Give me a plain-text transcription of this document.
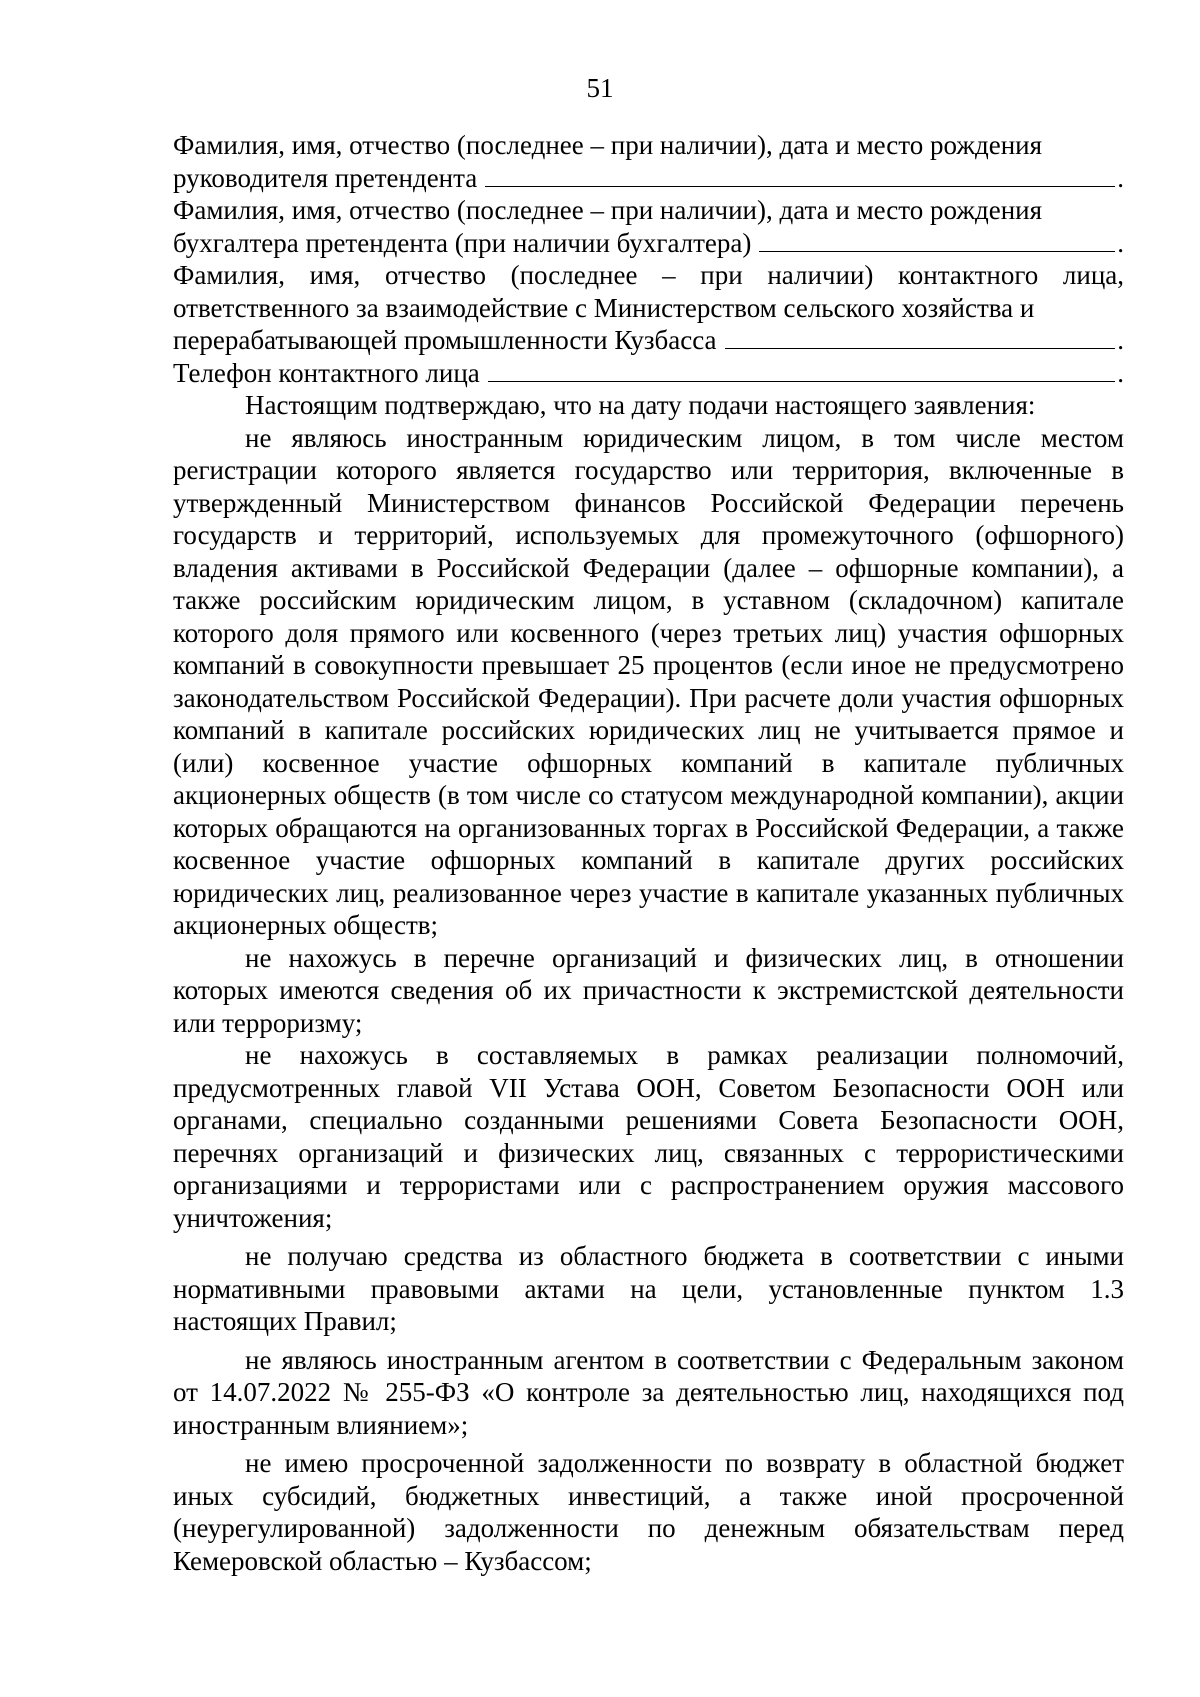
51

Фамилия, имя, отчество (последнее – при наличии), дата и место рождения

руководителя претендента	.

Фамилия, имя, отчество (последнее – при наличии), дата и место рождения

бухгалтера претендента (при наличии бухгалтера)	.

Фамилия, имя, отчество (последнее – при наличии) контактного лица, ответственного за взаимодействие с Министерством сельского хозяйства и

перерабатывающей промышленности Кузбасса	.
Телефон контактного лица	.

Настоящим подтверждаю, что на дату подачи настоящего заявления:

не являюсь иностранным юридическим лицом, в том числе местом регистрации которого является государство или территория, включенные в утвержденный Министерством финансов Российской Федерации перечень государств и территорий, используемых для промежуточного (офшорного) владения активами в Российской Федерации (далее – офшорные компании), а также российским юридическим лицом, в уставном (складочном) капитале которого доля прямого или косвенного (через третьих лиц) участия офшорных компаний в совокупности превышает 25 процентов (если иное не предусмотрено законодательством Российской Федерации). При расчете доли участия офшорных компаний в капитале российских юридических лиц не учитывается прямое и (или) косвенное участие офшорных компаний в капитале публичных акционерных обществ (в том числе со статусом международной компании), акции которых обращаются на организованных торгах в Российской Федерации, а также косвенное участие офшорных компаний в капитале других российских юридических лиц, реализованное через участие в капитале указанных публичных акционерных обществ;

не нахожусь в перечне организаций и физических лиц, в отношении которых имеются сведения об их причастности к экстремистской деятельности или терроризму;

не нахожусь в составляемых в рамках реализации полномочий, предусмотренных главой VII Устава ООН, Советом Безопасности ООН или органами, специально созданными решениями Совета Безопасности ООН, перечнях организаций и физических лиц, связанных с террористическими организациями и террористами или с распространением оружия массового уничтожения;

не получаю средства из областного бюджета в соответствии с иными нормативными правовыми актами на цели, установленные пунктом 1.3 настоящих Правил;

не являюсь иностранным агентом в соответствии с Федеральным законом от 14.07.2022 № 255-ФЗ «О контроле за деятельностью лиц, находящихся под иностранным влиянием»;

не имею просроченной задолженности по возврату в областной бюджет иных субсидий, бюджетных инвестиций, а также иной просроченной (неурегулированной) задолженности по денежным обязательствам перед Кемеровской областью – Кузбассом;
